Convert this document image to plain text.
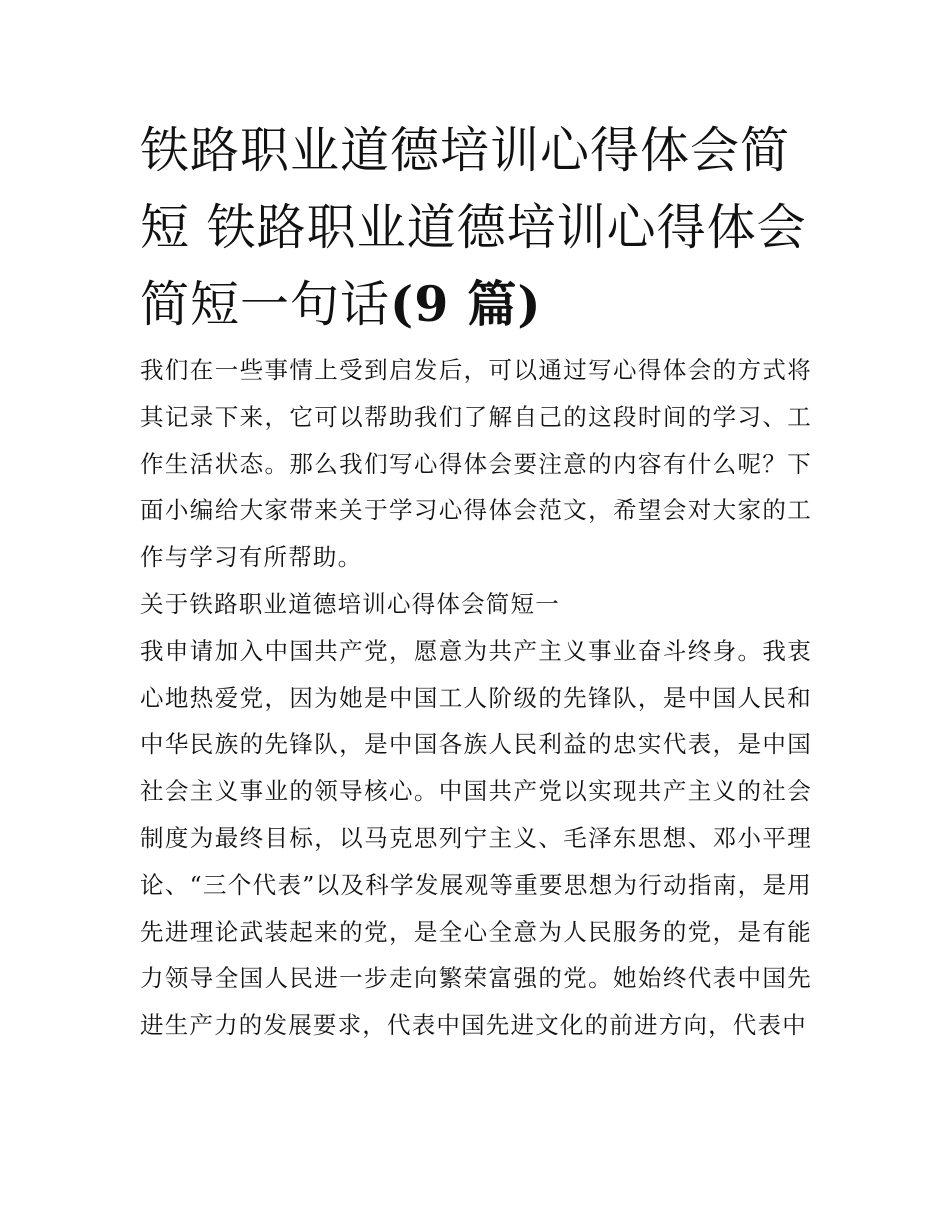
铁路职业道德培训心得体会简短 铁路职业道德培训心得体会简短一句话(9 篇)

我们在一些事情上受到启发后，可以通过写心得体会的方式将其记录下来，它可以帮助我们了解自己的这段时间的学习、工作生活状态。那么我们写心得体会要注意的内容有什么呢？下面小编给大家带来关于学习心得体会范文，希望会对大家的工作与学习有所帮助。

关于铁路职业道德培训心得体会简短一

我申请加入中国共产党，愿意为共产主义事业奋斗终身。我衷心地热爱党，因为她是中国工人阶级的先锋队，是中国人民和中华民族的先锋队，是中国各族人民利益的忠实代表，是中国社会主义事业的领导核心。中国共产党以实现共产主义的社会制度为最终目标，以马克思列宁主义、毛泽东思想、邓小平理论、“三个代表”以及科学发展观等重要思想为行动指南，是用先进理论武装起来的党，是全心全意为人民服务的党，是有能力领导全国人民进一步走向繁荣富强的党。她始终代表中国先进生产力的发展要求，代表中国先进文化的前进方向，代表中
